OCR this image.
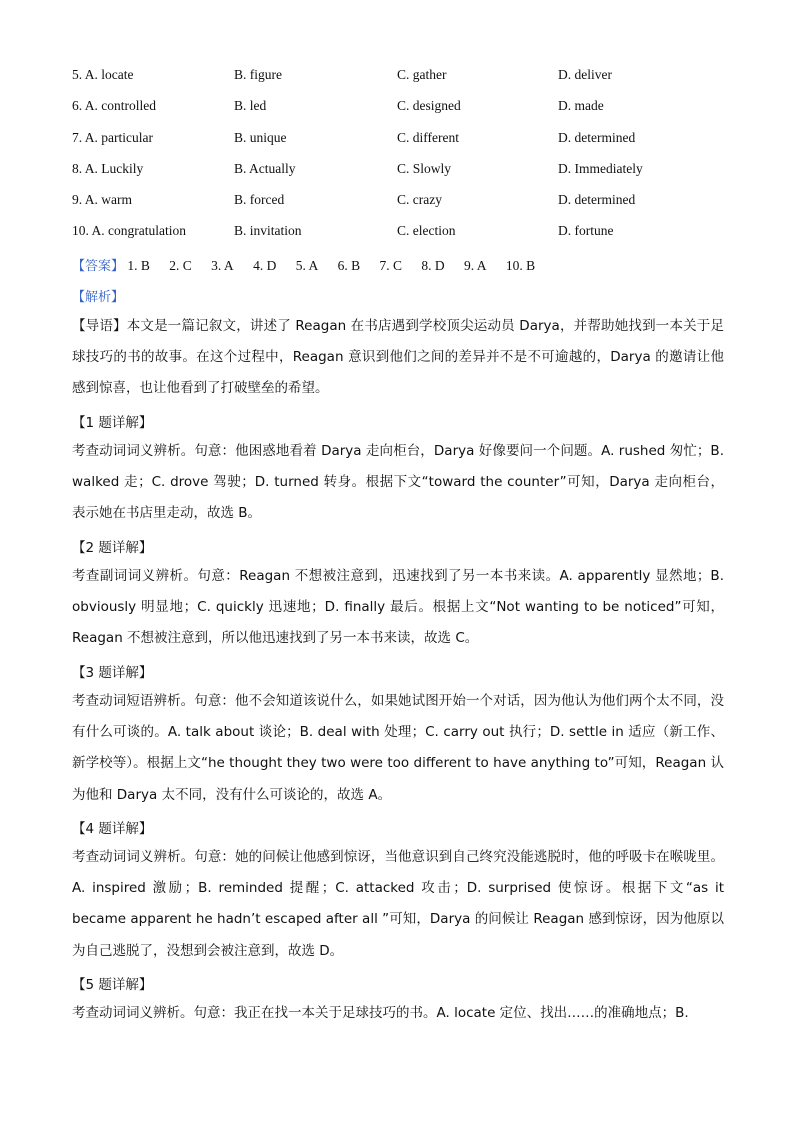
5. A. locate	B. figure	C. gather	D. deliver
6. A. controlled	B. led	C. designed	D. made
7. A. particular	B. unique	C. different	D. determined
8. A. Luckily	B. Actually	C. Slowly	D. Immediately
9. A. warm	B. forced	C. crazy	D. determined
10. A. congratulation	B. invitation	C. election	D. fortune
【答案】 1. B 2. C 3. A 4. D 5. A 6. B 7. C 8. D 9. A 10. B
【解析】
【导语】本文是一篇记叙文，讲述了 Reagan 在书店遇到学校顶尖运动员 Darya，并帮助她找到一本关于足球技巧的书的故事。在这个过程中，Reagan 意识到他们之间的差异并不是不可逾越的，Darya 的邀请让他感到惊喜，也让他看到了打破壁垒的希望。
【1 题详解】
考查动词词义辨析。句意：他困惑地看着 Darya 走向柜台，Darya 好像要问一个问题。A. rushed 匆忙；B. walked 走；C. drove 驾驶；D. turned 转身。根据下文“toward the counter”可知，Darya 走向柜台，表示她在书店里走动，故选 B。
【2 题详解】
考查副词词义辨析。句意：Reagan 不想被注意到，迅速找到了另一本书来读。A. apparently 显然地；B. obviously 明显地；C. quickly 迅速地；D. finally 最后。根据上文“Not wanting to be noticed”可知，Reagan 不想被注意到，所以他迅速找到了另一本书来读，故选 C。
【3 题详解】
考查动词短语辨析。句意：他不会知道该说什么，如果她试图开始一个对话，因为他认为他们两个太不同，没有什么可谈的。A. talk about 谈论；B. deal with 处理；C. carry out 执行；D. settle in 适应（新工作、新学校等）。根据上文“he thought they two were too different to have anything to”可知，Reagan 认为他和 Darya 太不同，没有什么可谈论的，故选 A。
【4 题详解】
考查动词词义辨析。句意：她的问候让他感到惊讶，当他意识到自己终究没能逃脱时，他的呼吸卡在喉咙里。A. inspired 激励；B. reminded 提醒；C. attacked 攻击；D. surprised 使惊讶。根据下文“as it became apparent he hadn’t escaped after all ”可知，Darya 的问候让 Reagan 感到惊讶，因为他原以为自己逃脱了，没想到会被注意到，故选 D。
【5 题详解】
考查动词词义辨析。句意：我正在找一本关于足球技巧的书。A. locate 定位、找出……的准确地点；B.
